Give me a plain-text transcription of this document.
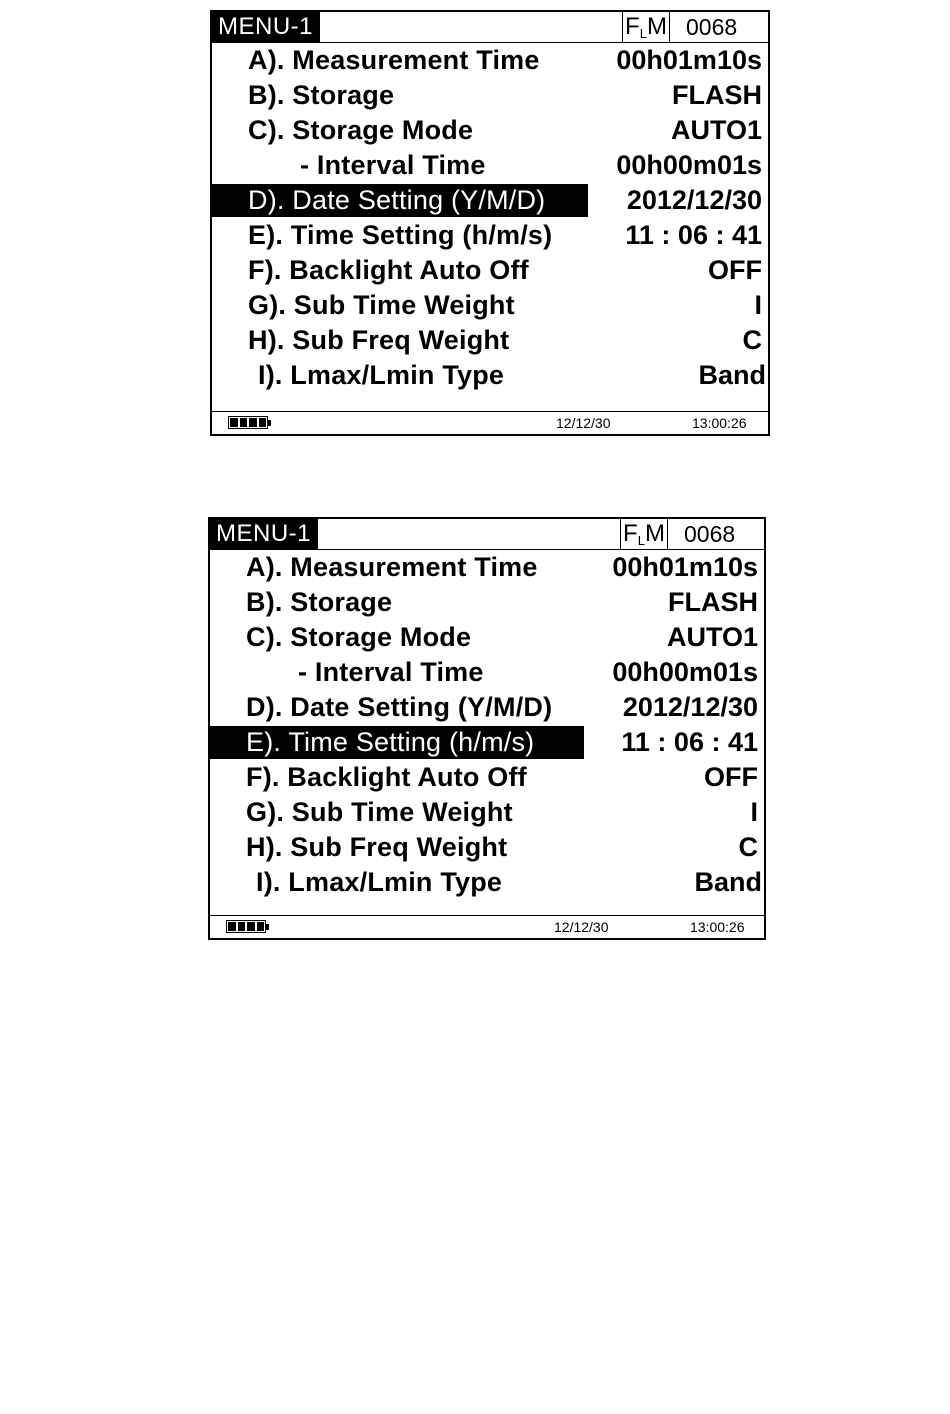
MENU-1	$F_LM$ 0068
A). Measurement Time	00h01m10s
B). Storage	FLASH
C). Storage Mode	AUTO1
- Interval Time	00h00m01s
D). Date Setting (Y/M/D)	2012/12/30
E). Time Setting (h/m/s)	11 : 06 : 41
F). Backlight Auto Off	OFF
G). Sub Time Weight	I
H). Sub Freq Weight	C
I). Lmax/Lmin Type	Band
12/12/30	13:00:26
MENU-1	$F_LM$ 0068
A). Measurement Time	00h01m10s
B). Storage	FLASH
C). Storage Mode	AUTO1
- Interval Time	00h00m01s
D). Date Setting (Y/M/D)	2012/12/30
E). Time Setting (h/m/s)	11 : 06 : 41
F). Backlight Auto Off	OFF
G). Sub Time Weight	I
H). Sub Freq Weight	C
I). Lmax/Lmin Type	Band
12/12/30	13:00:26
